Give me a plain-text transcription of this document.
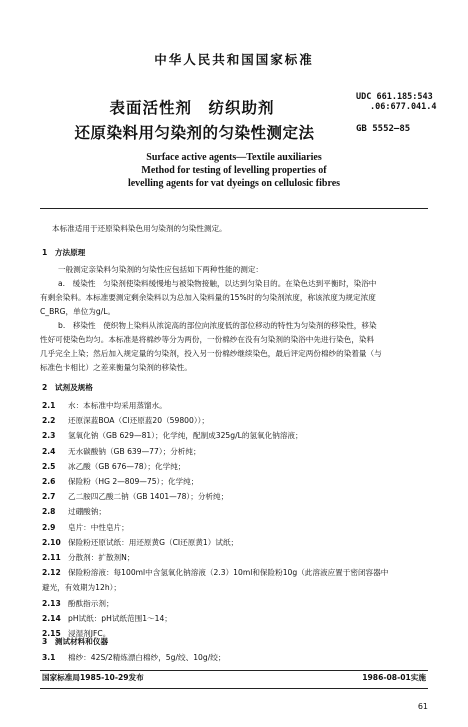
中华人民共和国国家标准
表面活性剂　纺织助剂
还原染料用匀染剂的匀染性测定法
UDC 661.185:543
.06:677.041.4
GB 5552—85
Surface active agents—Textile auxiliaries
Method for testing of levelling properties of
levelling agents for vat dyeings on cellulosic fibres
本标准适用于还原染料染色用匀染剂的匀染性测定。
1　方法原理
一般测定亲染料匀染剂的匀染性应包括如下两种性能的测定：
a.　缓染性　匀染剂使染料缓慢地与被染物接触，以达到匀染目的。在染色达到平衡时，染浴中
有剩余染料。本标准要测定剩余染料以为总加入染料量的15%时的匀染剂浓度，称该浓度为规定浓度
C_BRG，单位为g/L。
b.　移染性　使织物上染料从浓淀高的部位向浓度低的部位移动的特性为匀染剂的移染性，移染
性好可使染色均匀。本标准是将棉纱等分为两份，一份棉纱在没有匀染剂的染浴中先进行染色，染料
几乎完全上染；然后加入规定量的匀染剂，投入另一份棉纱继续染色，最后评定两份棉纱的染着量（与
标准色卡相比）之差来衡量匀染剂的移染性。
2　试剂及规格
2.1 水：本标准中均采用蒸馏水。
2.2 还原深蓝BOA（CI还原蓝20（59800））；
2.3 氢氧化钠（GB 629—81）；化学纯，配制成325g/L的氢氧化钠溶液；
2.4 无水碳酸钠（GB 639—77）；分析纯；
2.5 冰乙酸（GB 676—78）；化学纯；
2.6 保险粉（HG 2—809—75）；化学纯；
2.7 乙二胺四乙酸二钠（GB 1401—78）；分析纯；
2.8 过硼酸钠；
2.9 皂片：中性皂片；
2.10 保险粉还原试纸：用还原黄G（CI还原黄1）试纸；
2.11 分散剂：扩散剂N；
2.12 保险粉溶液：每100ml中含氢氧化钠溶液（2.3）10ml和保险粉10g（此溶液应置于密闭容器中
避光，有效期为12h）；
2.13 酚酞指示剂；
2.14 pH试纸：pH试纸范围1～14；
2.15 浸湿剂JFC。
3　测试材料和仪器
3.1 棉纱：42S/2精炼漂白棉纱，5g/绞、10g/绞；
国家标准局1985-10-29发布	1986-08-01实施
61
